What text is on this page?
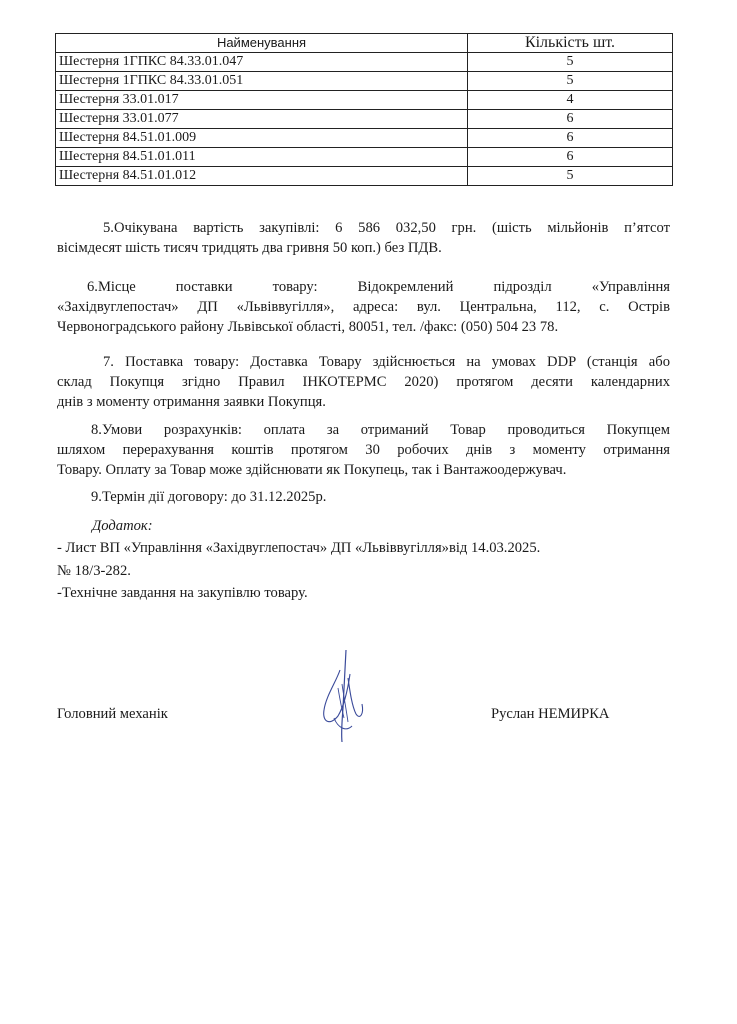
Найменування	Кількість шт.
Шестерня 1ГПКС 84.33.01.047	5
Шестерня 1ГПКС 84.33.01.051	5
Шестерня 33.01.017	4
Шестерня 33.01.077	6
Шестерня 84.51.01.009	6
Шестерня 84.51.01.011	6
Шестерня 84.51.01.012	5
5.Очікувана вартість закупівлі: 6 586 032,50 грн. (шість мільйонів п’ятсот
вісімдесят шість тисяч тридцять два гривня 50 коп.) без ПДВ.
6.Місце поставки товару: Відокремлений підрозділ «Управління
«Західвуглепостач» ДП «Львіввугілля», адреса: вул. Центральна, 112, с. Острів
Червоноградського району Львівської області, 80051, тел. /факс: (050) 504 23 78.
7. Поставка товару: Доставка Товару здійснюється на умовах DDP (станція або
склад Покупця згідно Правил ІНКОТЕРМС 2020) протягом десяти календарних
днів з моменту отримання заявки Покупця.
8.Умови розрахунків: оплата за отриманий Товар проводиться Покупцем
шляхом перерахування коштів протягом 30 робочих днів з моменту отримання
Товару. Оплату за Товар може здійснювати як Покупець, так і Вантажоодержувач.

9.Термін дії договору: до 31.12.2025р.

Додаток:

- Лист ВП «Управління «Західвуглепостач» ДП «Львіввугілля»від 14.03.2025.

№ 18/3-282.

-Технічне завдання на закупівлю товару.

Головний механік	Руслан НЕМИРКА
